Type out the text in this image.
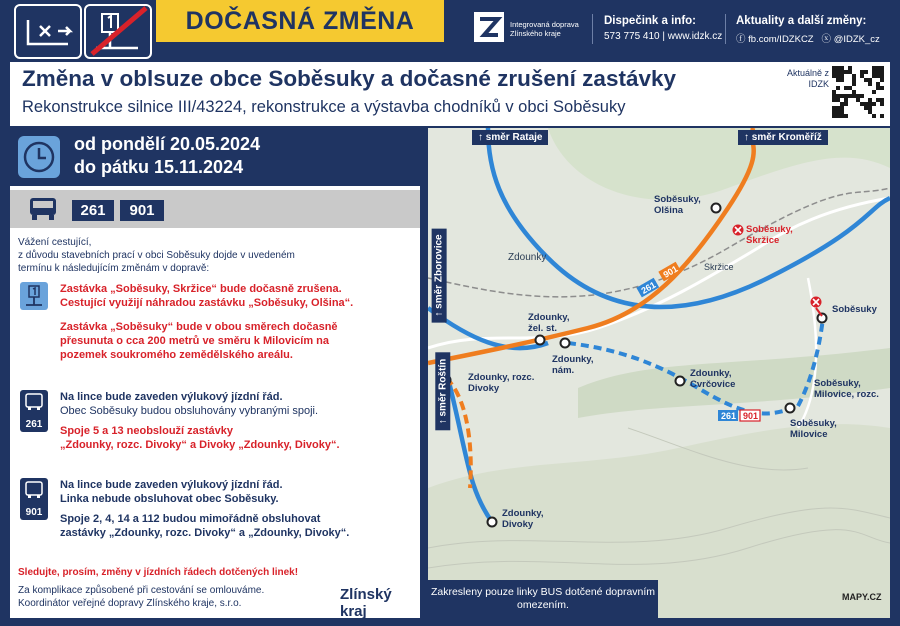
DOČASNÁ ZMĚNA	Integrovaná doprava Zlínského kraje
Dispečink a info:
573 775 410 | www.idzk.cz
Aktuality a další změny:
ⓕ fb.com/IDZKCZ ⓧ @IDZK_cz
Změna v oblsuze obce Soběsuky a dočasné zrušení zastávky
Rekonstrukce silnice III/43224, rekonstrukce a výstavba chodníků v obci Soběsuky
Aktuálně z IDZK
od pondělí 20.05.2024
do pátku 15.11.2024
261	901
Vážení cestující,
z důvodu stavebních prací v obci Soběsuky dojde v uvedeném
termínu k následujícím změnám v dopravě:
Zastávka „Soběsuky, Skržice“ bude dočasně zrušena.
Cestující využijí náhradou zastávku „Soběsuky, Olšina“.
Zastávka „Soběsuky“ bude v obou směrech dočasně
přesunuta o cca 200 metrů ve směru k Milovicím na
pozemek soukromého zemědělského areálu.
261
Na lince bude zaveden výlukový jízdní řád.
Obec Soběsuky budou obsluhovány vybranými spoji.
Spoje 5 a 13 neobslouží zastávky
„Zdounky, rozc. Divoky“ a Divoky „Zdounky, Divoky“.
901
Na lince bude zaveden výlukový jízdní řád.
Linka nebude obsluhovat obec Soběsuky.
Spoje 2, 4, 14 a 112 budou mimořádně obsluhovat
zastávky „Zdounky, rozc. Divoky“ a „Zdounky, Divoky“.
Sledujte, prosím, změny v jízdních řádech dotčených linek!
Za komplikace způsobené při cestování se omlouváme.
Koordinátor veřejné dopravy Zlínského kraje, s.r.o.
Zlínský kraj
261
901
261 901
↑ směr Rataje	↑ směr Kroměříž
↑ směr Zborovice
↑ směr Roštín
Soběsuky, Olšina
Soběsuky, Skržice
Soběsuky
Zdounky, žel. st.
Zdounky, nám.	Zdounky, Cvrčovice	Soběsuky, Milovice, rozc.
Soběsuky, Milovice
Zdounky, rozc. Divoky
Zdounky, Divoky
Zdounky
Skržice
Zakresleny pouze linky BUS dotčené dopravním omezením.
MAPY.CZ
